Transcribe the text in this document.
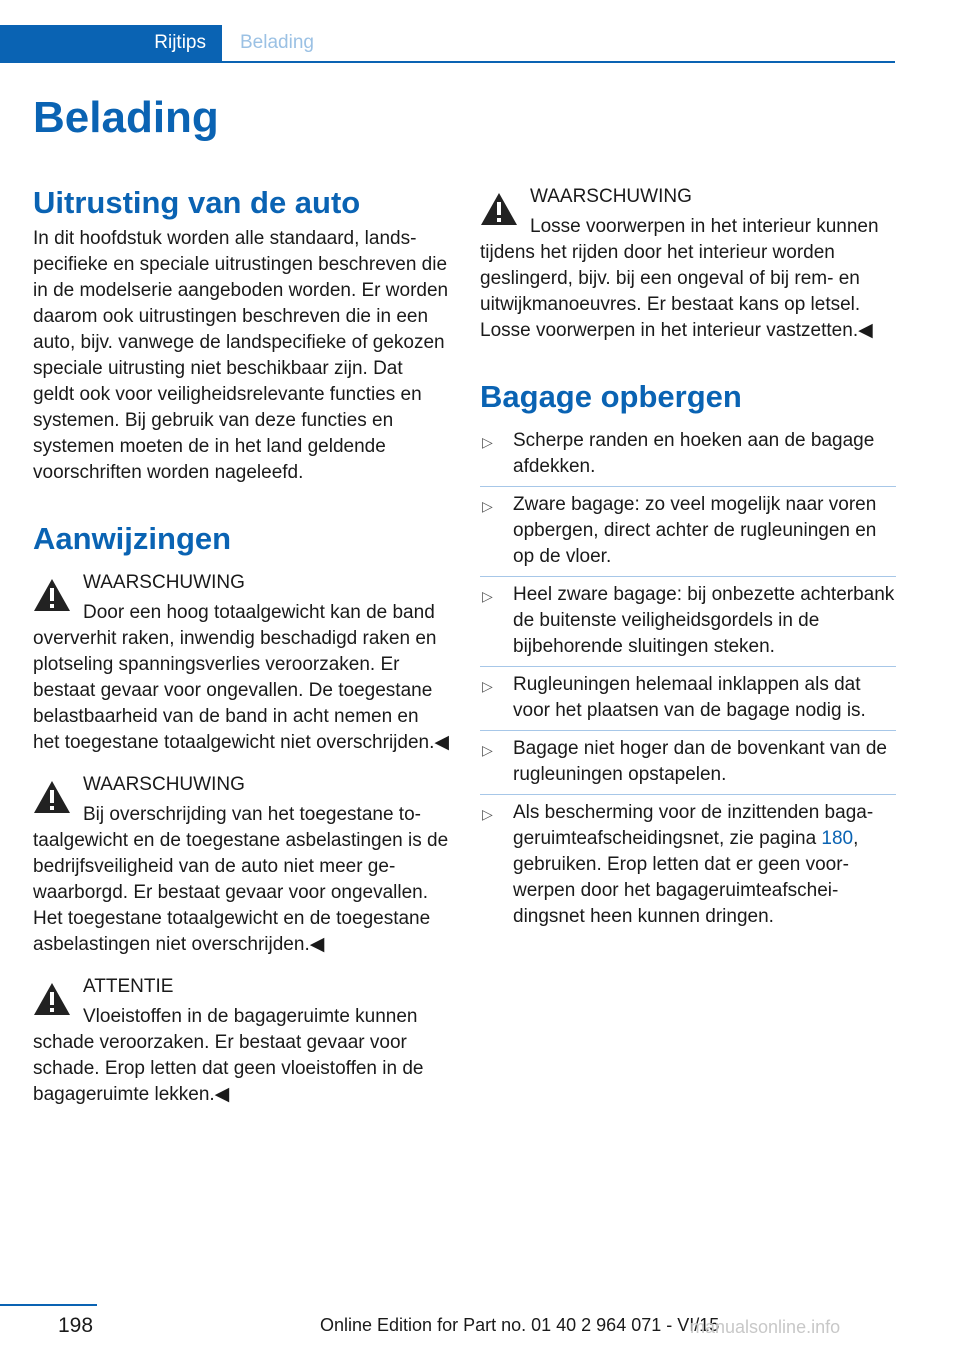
Rijtips Belading
Belading
Uitrusting van de auto

In dit hoofdstuk worden alle standaard, landspecifieke en speciale uitrustingen beschreven die in de modelserie aangeboden worden. Er worden daarom ook uitrustingen beschreven die in een auto, bijv. vanwege de landspecifieke of gekozen speciale uitrusting niet beschikbaar zijn. Dat geldt ook voor veiligheidsrelevante functies en systemen. Bij gebruik van deze functies en systemen moeten de in het land geldende voorschriften worden nageleefd.

Aanwijzingen
WAARSCHUWING
Door een hoog totaalgewicht kan de band oververhit raken, inwendig beschadigd raken en plotseling spanningsverlies veroorzaken. Er bestaat gevaar voor ongevallen. De toegestane belastbaarheid van de band in acht nemen en het toegestane totaalgewicht niet overschrijden.◀
WAARSCHUWING
Bij overschrijding van het toegestane totaalgewicht en de toegestane asbelastingen is de bedrijfsveiligheid van de auto niet meer gewaarborgd. Er bestaat gevaar voor ongevallen. Het toegestane totaalgewicht en de toegestane asbelastingen niet overschrijden.◀
ATTENTIE
Vloeistoffen in de bagageruimte kunnen schade veroorzaken. Er bestaat gevaar voor schade. Erop letten dat geen vloeistoffen in de bagageruimte lekken.◀
WAARSCHUWING
Losse voorwerpen in het interieur kunnen tijdens het rijden door het interieur worden geslingerd, bijv. bij een ongeval of bij rem- en uitwijkmanoeuvres. Er bestaat kans op letsel. Losse voorwerpen in het interieur vastzetten.◀
Bagage opbergen
▷ Scherpe randen en hoeken aan de bagage afdekken.
▷ Zware bagage: zo veel mogelijk naar voren opbergen, direct achter de rugleuningen en op de vloer.
▷ Heel zware bagage: bij onbezette achterbank de buitenste veiligheidsgordels in de bijbehorende sluitingen steken.
▷ Rugleuningen helemaal inklappen als dat voor het plaatsen van de bagage nodig is.
▷ Bagage niet hoger dan de bovenkant van de rugleuningen opstapelen.
▷ Als bescherming voor de inzittenden bagageruimteafscheidingsnet, zie pagina 180, gebruiken. Erop letten dat er geen voorwerpen door het bagageruimteafscheidingsnet heen kunnen dringen.
198	Online Edition for Part no. 01 40 2 964 071 - VI/15
manualsonline.info
